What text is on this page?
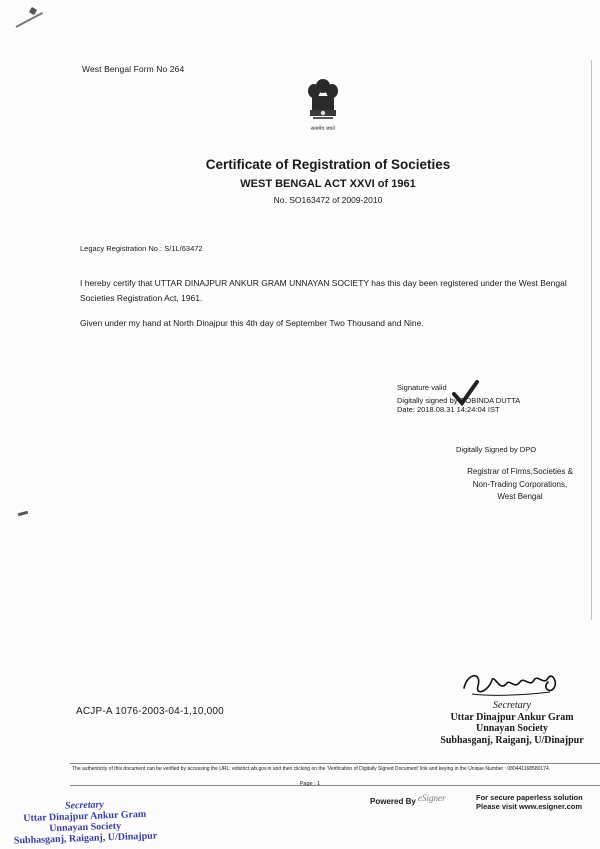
West Bengal Form No 264
सत्यमेव जयते
Certificate of Registration of Societies
WEST BENGAL ACT XXVI of 1961
No. SO163472 of 2009-2010
Legacy Registration No : S/1L/63472
I hereby certify that UTTAR DINAJPUR ANKUR GRAM UNNAYAN SOCIETY has this day been registered under the West Bengal Societies Registration Act, 1961.
Given under my hand at North Dinajpur this 4th day of September Two Thousand and Nine.
Signature valid
Digitally signed by GOBINDA DUTTA
Date: 2018.08.31 14:24:04 IST
Digitally Signed by DPO
Registrar of Firms,Societies &
Non-Trading Corporations,
West Bengal
ACJP-A 1076-2003-04-1,10,000
Secretary
Uttar Dinajpur Ankur Gram
Unnayan Society
Subhasganj, Raiganj, U/Dinajpur
The authenticity of this document can be verified by accessing the URL: edistrict.wb.gov.in and then clicking on the 'Verification of Digitally Signed Document' link and keying in the Unique Number : 080441168580174.
Page : 1
Powered By eSigner	For secure paperless solution
Please visit www.esigner.com
Secretary
Uttar Dinajpur Ankur Gram
Unnayan Society
Subhasganj, Raiganj, U/Dinajpur
